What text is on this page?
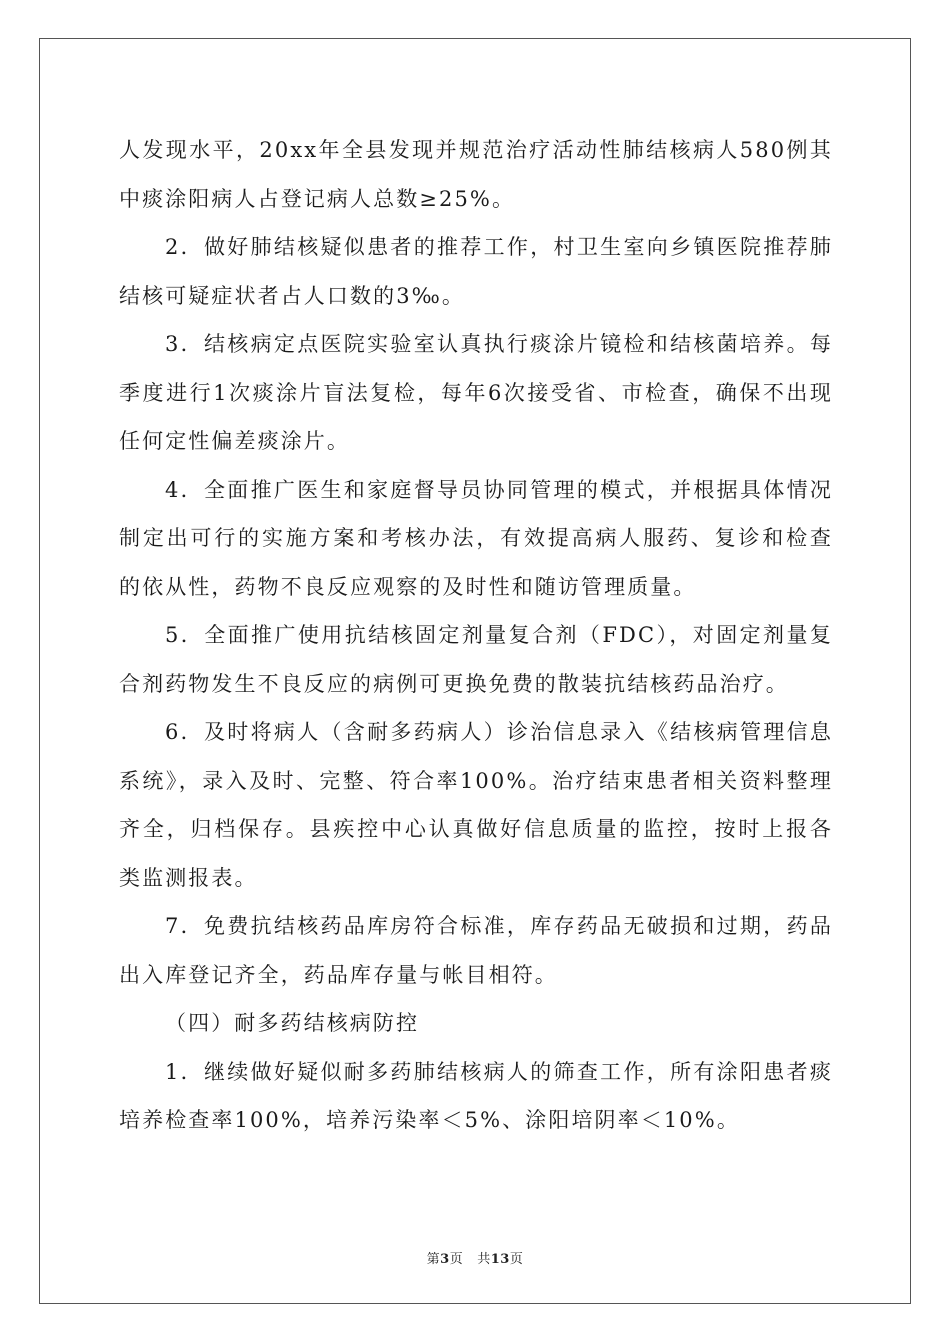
人发现水平，20xx年全县发现并规范治疗活动性肺结核病人580例其中痰涂阳病人占登记病人总数≥25%。

2．做好肺结核疑似患者的推荐工作，村卫生室向乡镇医院推荐肺结核可疑症状者占人口数的3‰。

3．结核病定点医院实验室认真执行痰涂片镜检和结核菌培养。每季度进行1次痰涂片盲法复检，每年6次接受省、市检查，确保不出现任何定性偏差痰涂片。

4．全面推广医生和家庭督导员协同管理的模式，并根据具体情况制定出可行的实施方案和考核办法，有效提高病人服药、复诊和检查的依从性，药物不良反应观察的及时性和随访管理质量。

5．全面推广使用抗结核固定剂量复合剂（FDC），对固定剂量复合剂药物发生不良反应的病例可更换免费的散装抗结核药品治疗。

6．及时将病人（含耐多药病人）诊治信息录入《结核病管理信息系统》，录入及时、完整、符合率100%。治疗结束患者相关资料整理齐全，归档保存。县疾控中心认真做好信息质量的监控，按时上报各类监测报表。

7．免费抗结核药品库房符合标准，库存药品无破损和过期，药品出入库登记齐全，药品库存量与帐目相符。

（四）耐多药结核病防控

1．继续做好疑似耐多药肺结核病人的筛查工作，所有涂阳患者痰培养检查率100%，培养污染率＜5%、涂阳培阴率＜10%。

第3页 共13页
